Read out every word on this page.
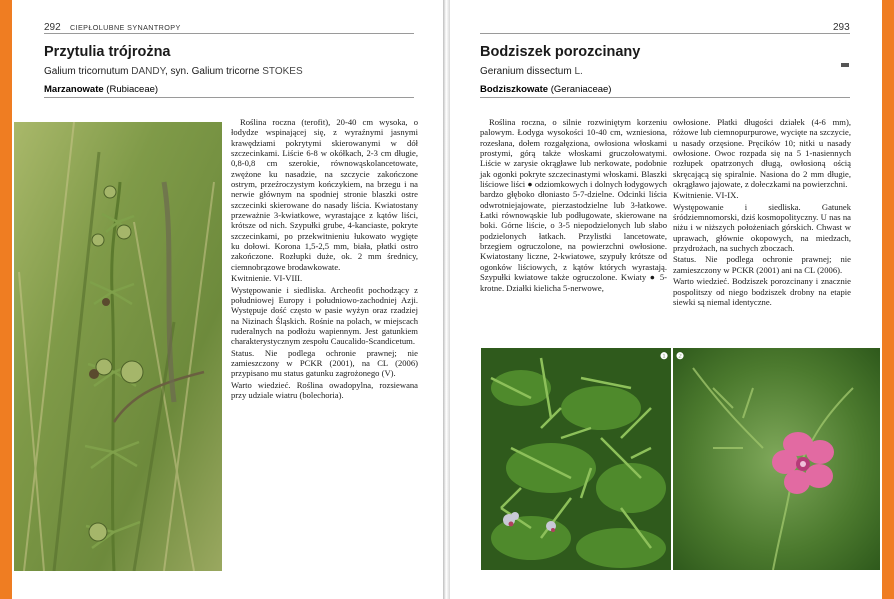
292 CIEPŁOLUBNE SYNANTROPY
Przytulia trójrożna
Galium tricornutum DANDY, syn. Galium tricorne STOKES
Marzanowate (Rubiaceae)

Roślina roczna (terofit), 20-40 cm wysoka, o łodydze wspinającej się, z wyraźnymi jasnymi krawędziami pokrytymi skierowanymi w dół szczecinkami. Liście 6-8 w okółkach, 2-3 cm długie, 0,8-0,8 cm szerokie, równowąskolancetowate, zwężone ku nasadzie, na szczycie zakończone ostrym, przeźroczystym kończykiem, na brzegu i na nerwie głównym na spodniej stronie blaszki ostre szczecinki skierowane do nasady liścia. Kwiatostany przeważnie 3-kwiatkowe, wyrastające z kątów liści, krótsze od nich. Szypułki grube, 4-kanciaste, pokryte szczecinkami, po przekwitnieniu łukowato wygięte ku dołowi. Korona 1,5-2,5 mm, biała, płatki ostro zakończone. Rozłupki duże, ok. 2 mm średnicy, ciemnobrązowe brodawkowate.

Kwitnienie. VI-VIII.

Występowanie i siedliska. Archeofit pochodzący z południowej Europy i południowo-zachodniej Azji. Występuje dość często w pasie wyżyn oraz rzadziej na Nizinach Śląskich. Rośnie na polach, w miejscach ruderalnych na podłożu wapiennym. Jest gatunkiem charakterystycznym zespołu Caucalido-Scandicetum.

Status. Nie podlega ochronie prawnej; nie zamieszczony w PCKR (2001), na CL (2006) przypisano mu status gatunku zagrożonego (V).

Warto wiedzieć. Roślina owadopylna, rozsiewana przy udziale wiatru (bolechoria).

293
Bodziszek porozcinany
Geranium dissectum L.
Bodziszkowate (Geraniaceae)

Roślina roczna, o silnie rozwiniętym korzeniu palowym. Łodyga wysokości 10-40 cm, wzniesiona, rozesłana, dołem rozgałęziona, owłosiona włoskami prostymi, górą także włoskami gruczołowatymi. Liście w zarysie okrągławe lub nerkowate, podobnie jak ogonki pokryte szczecinastymi włoskami. Blaszki liściowe liści ● odziomkowych i dolnych łodygowych bardzo głęboko dłoniasto 5-7-dzielne. Odcinki liścia odwrotniejajowate, pierzastodzielne lub 3-łatkowe. Łatki równowąskie lub podługowate, skierowane na boki. Górne liście, o 3-5 niepodzielonych lub słabo podzielonych łatkach. Przylistki lancetowate, brzegiem ogruczolone, na powierzchni owłosione. Kwiatostany liczne, 2-kwiatowe, szypuły krótsze od ogonków liściowych, z kątów których wyrastają. Szypułki kwiatowe także ogruczolone. Kwiaty ● 5-krotne. Działki kielicha 5-nerwowe,

owłosione. Płatki długości działek (4-6 mm), różowe lub ciemnopurpurowe, wycięte na szczycie, u nasady orzęsione. Pręcików 10; nitki u nasady owłosione. Owoc rozpada się na 5 1-nasiennych rozłupek opatrzonych długą, owłosioną ością skręcającą się spiralnie. Nasiona do 2 mm długie, okrągławo jajowate, z dołeczkami na powierzchni.

Kwitnienie. VI-IX.

Występowanie i siedliska. Gatunek śródziemnomorski, dziś kosmopolityczny. U nas na niżu i w niższych położeniach górskich. Chwast w uprawach, głównie okopowych, na miedzach, przydrożach, na suchych zboczach.

Status. Nie podlega ochronie prawnej; nie zamieszczony w PCKR (2001) ani na CL (2006).

Warto wiedzieć. Bodziszek porozcinany i znacznie pospolitszy od niego bodziszek drobny na etapie siewki są niemal identyczne.

❶ ❷
